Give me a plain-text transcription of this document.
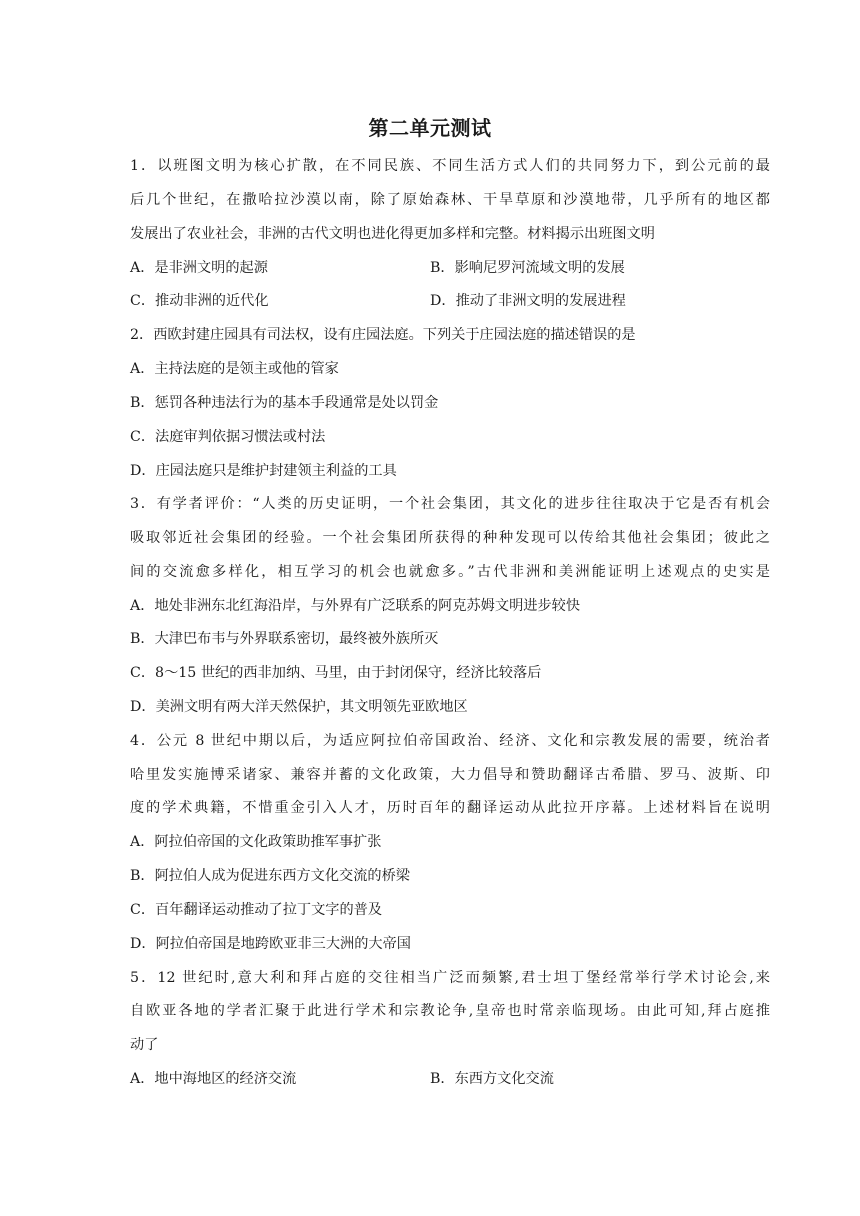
第二单元测试
1．以班图文明为核心扩散，在不同民族、不同生活方式人们的共同努力下，到公元前的最
后几个世纪，在撒哈拉沙漠以南，除了原始森林、干旱草原和沙漠地带，几乎所有的地区都
发展出了农业社会，非洲的古代文明也进化得更加多样和完整。材料揭示出班图文明
A．是非洲文明的起源	B．影响尼罗河流域文明的发展
C．推动非洲的近代化	D．推动了非洲文明的发展进程
2．西欧封建庄园具有司法权，设有庄园法庭。下列关于庄园法庭的描述错误的是
A．主持法庭的是领主或他的管家
B．惩罚各种违法行为的基本手段通常是处以罚金
C．法庭审判依据习惯法或村法
D．庄园法庭只是维护封建领主利益的工具
3．有学者评价：“人类的历史证明，一个社会集团，其文化的进步往往取决于它是否有机会
吸取邻近社会集团的经验。一个社会集团所获得的种种发现可以传给其他社会集团；彼此之
间的交流愈多样化，相互学习的机会也就愈多。”古代非洲和美洲能证明上述观点的史实是
A．地处非洲东北红海沿岸，与外界有广泛联系的阿克苏姆文明进步较快
B．大津巴布韦与外界联系密切，最终被外族所灭
C．8～15 世纪的西非加纳、马里，由于封闭保守，经济比较落后
D．美洲文明有两大洋天然保护，其文明领先亚欧地区
4．公元 8 世纪中期以后，为适应阿拉伯帝国政治、经济、文化和宗教发展的需要，统治者
哈里发实施博采诸家、兼容并蓄的文化政策，大力倡导和赞助翻译古希腊、罗马、波斯、印
度的学术典籍，不惜重金引入人才，历时百年的翻译运动从此拉开序幕。上述材料旨在说明
A．阿拉伯帝国的文化政策助推军事扩张
B．阿拉伯人成为促进东西方文化交流的桥梁
C．百年翻译运动推动了拉丁文字的普及
D．阿拉伯帝国是地跨欧亚非三大洲的大帝国
5．12 世纪时,意大利和拜占庭的交往相当广泛而频繁,君士坦丁堡经常举行学术讨论会,来
自欧亚各地的学者汇聚于此进行学术和宗教论争,皇帝也时常亲临现场。由此可知,拜占庭推
动了
A．地中海地区的经济交流	B．东西方文化交流
